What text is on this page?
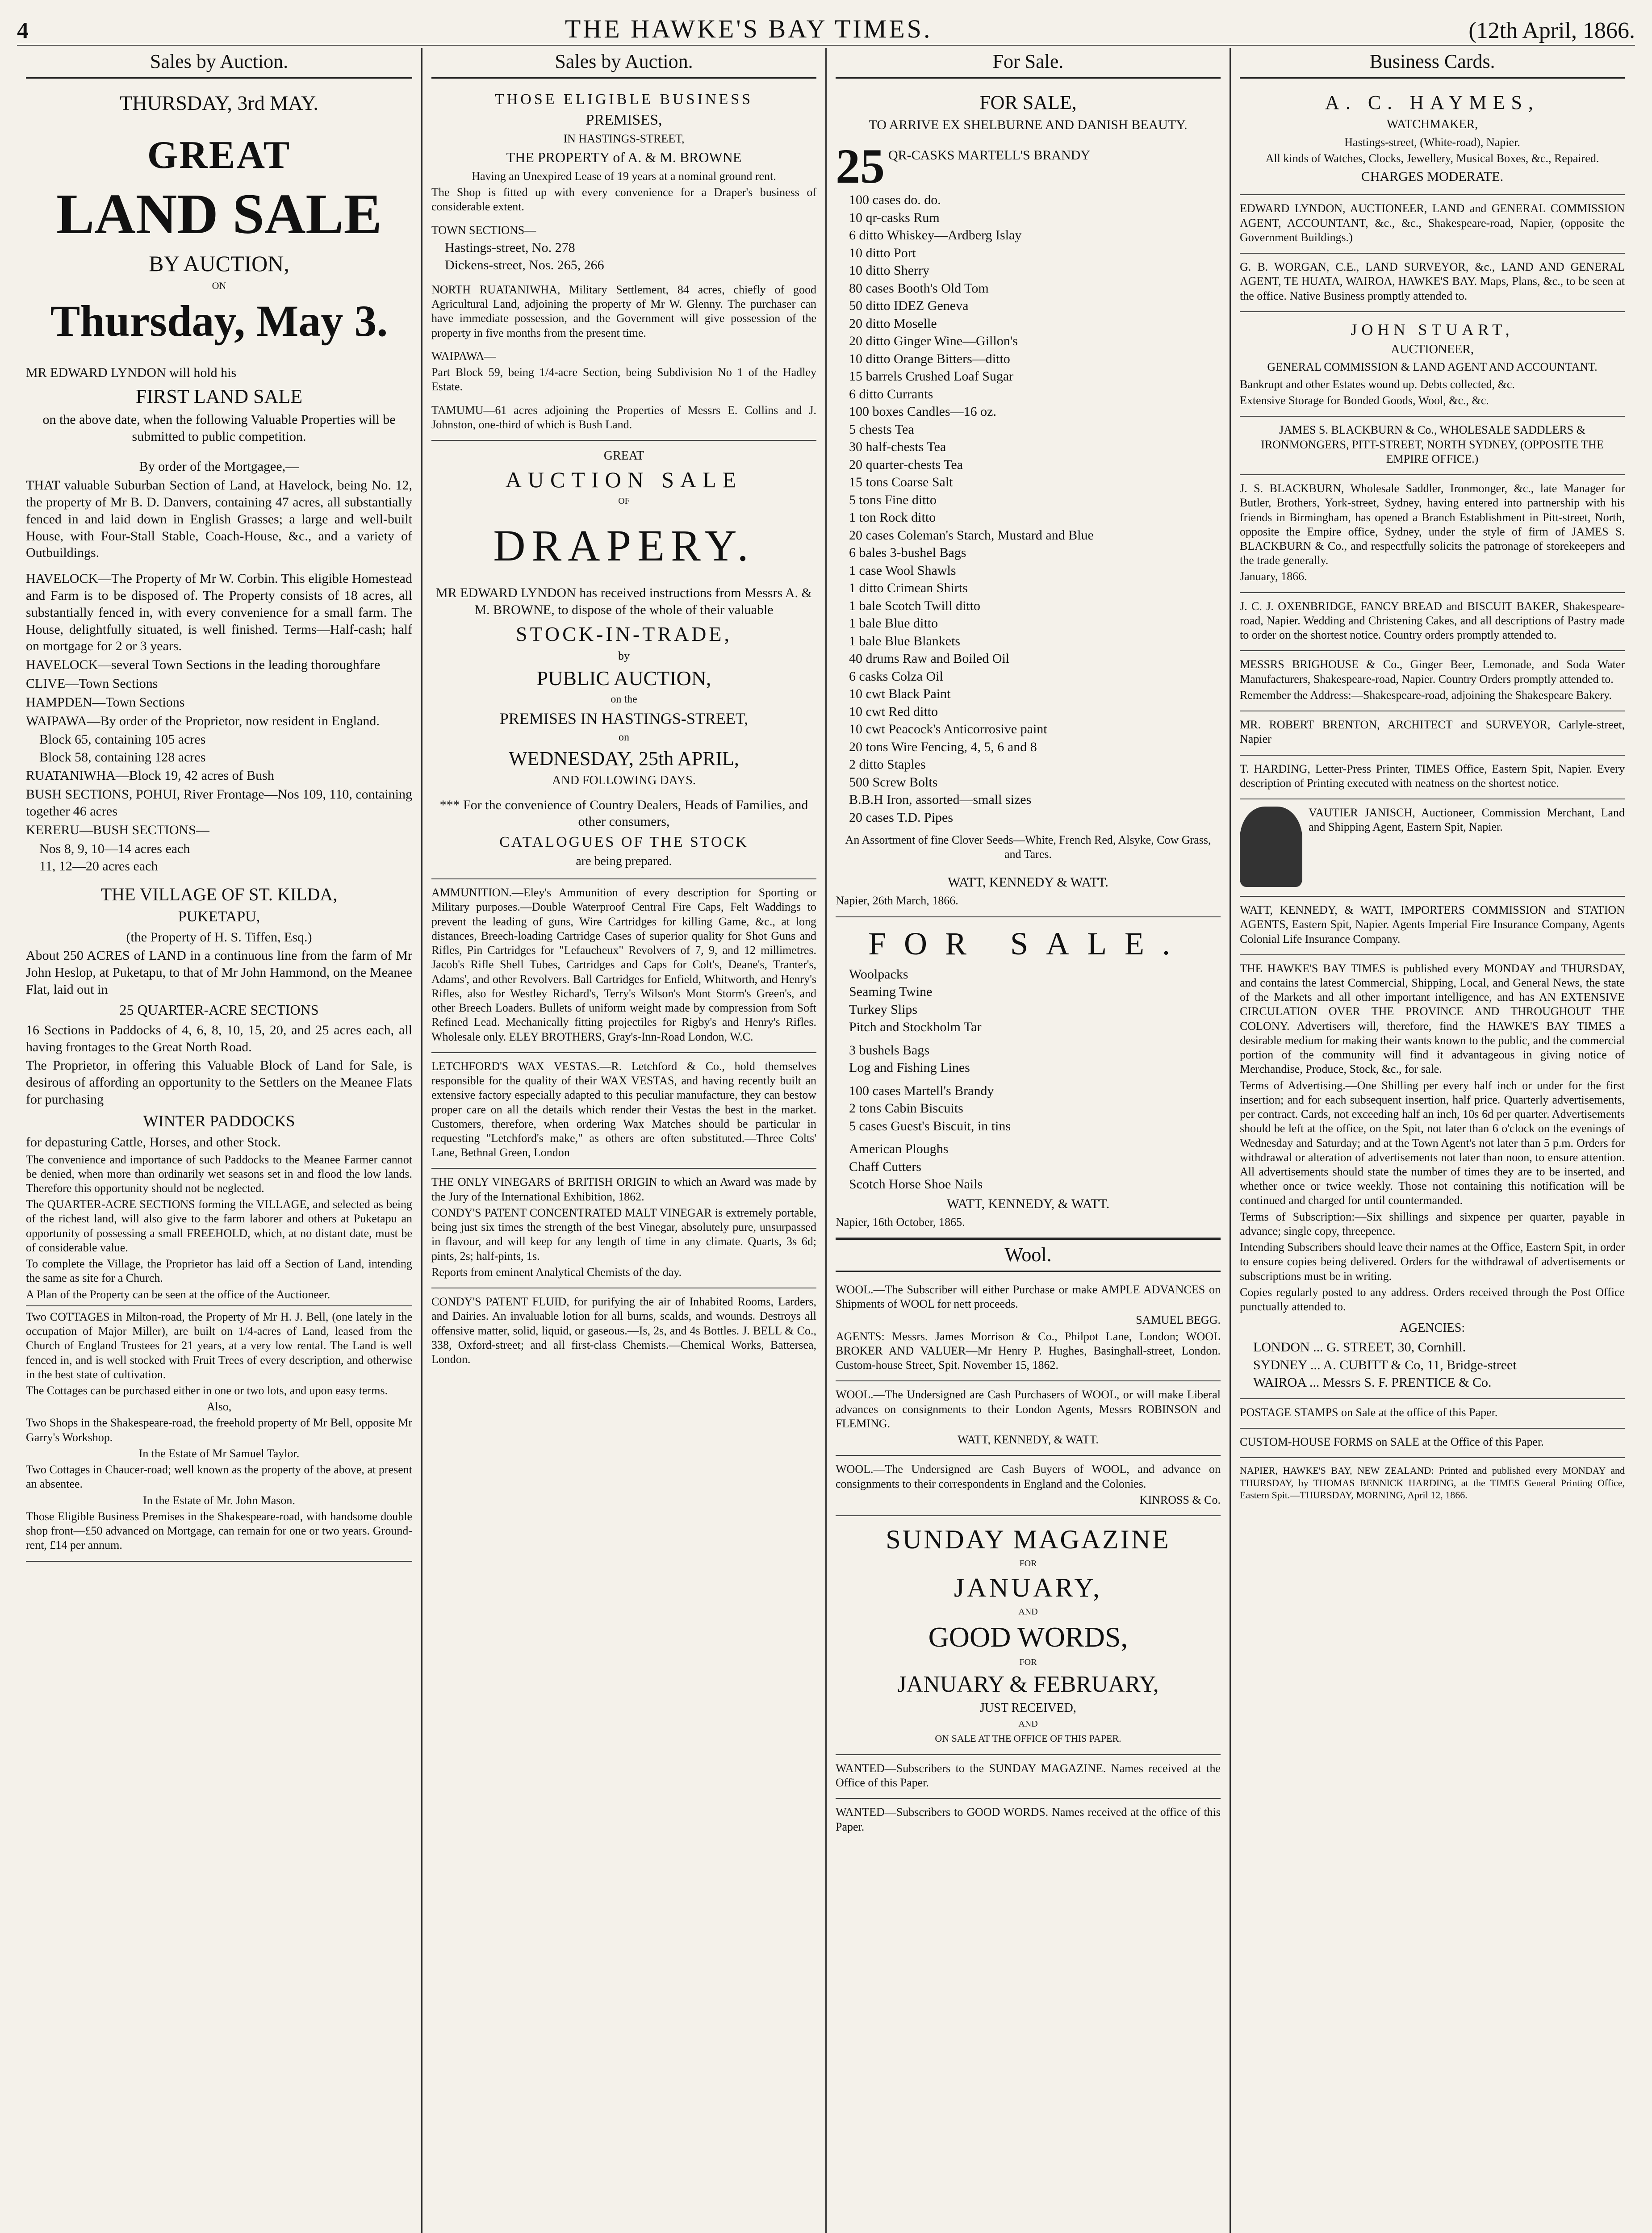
4	THE HAWKE'S BAY TIMES.	(12th April, 1866.
Sales by Auction.
THURSDAY, 3rd MAY.
GREAT
LAND SALE
BY AUCTION,
ON
Thursday, May 3.

MR EDWARD LYNDON will hold his

FIRST LAND SALE

on the above date, when the following Valuable Properties will be submitted to public competition.

By order of the Mortgagee,—

THAT valuable Suburban Section of Land, at Havelock, being No. 12, the property of Mr B. D. Danvers, containing 47 acres, all substantially fenced in and laid down in English Grasses; a large and well-built House, with Four-Stall Stable, Coach-House, &c., and a variety of Outbuildings.

HAVELOCK—The Property of Mr W. Corbin. This eligible Homestead and Farm is to be disposed of. The Property consists of 18 acres, all substantially fenced in, with every convenience for a small farm. The House, delightfully situated, is well finished. Terms—Half-cash; half on mortgage for 2 or 3 years.

HAVELOCK—several Town Sections in the leading thoroughfare

CLIVE—Town Sections

HAMPDEN—Town Sections

WAIPAWA—By order of the Proprietor, now resident in England.

Block 65, containing 105 acres
Block 58, containing 128 acres

RUATANIWHA—Block 19, 42 acres of Bush

BUSH SECTIONS, POHUI, River Frontage—Nos 109, 110, containing together 46 acres

KERERU—BUSH SECTIONS—

Nos 8, 9, 10—14 acres each
11, 12—20 acres each
THE VILLAGE OF ST. KILDA,
PUKETAPU,

(the Property of H. S. Tiffen, Esq.)

About 250 ACRES of LAND in a continuous line from the farm of Mr John Heslop, at Puketapu, to that of Mr John Hammond, on the Meanee Flat, laid out in

25 QUARTER-ACRE SECTIONS

16 Sections in Paddocks of 4, 6, 8, 10, 15, 20, and 25 acres each, all having frontages to the Great North Road.

The Proprietor, in offering this Valuable Block of Land for Sale, is desirous of affording an opportunity to the Settlers on the Meanee Flats for purchasing

WINTER PADDOCKS

for depasturing Cattle, Horses, and other Stock.

The convenience and importance of such Paddocks to the Meanee Farmer cannot be denied, when more than ordinarily wet seasons set in and flood the low lands. Therefore this opportunity should not be neglected.

The QUARTER-ACRE SECTIONS forming the VILLAGE, and selected as being of the richest land, will also give to the farm laborer and others at Puketapu an opportunity of possessing a small FREEHOLD, which, at no distant date, must be of considerable value.

To complete the Village, the Proprietor has laid off a Section of Land, intending the same as site for a Church.

A Plan of the Property can be seen at the office of the Auctioneer.

Two COTTAGES in Milton-road, the Property of Mr H. J. Bell, (one lately in the occupation of Major Miller), are built on 1/4-acres of Land, leased from the Church of England Trustees for 21 years, at a very low rental. The Land is well fenced in, and is well stocked with Fruit Trees of every description, and otherwise in the best state of cultivation.

The Cottages can be purchased either in one or two lots, and upon easy terms.

Also,

Two Shops in the Shakespeare-road, the freehold property of Mr Bell, opposite Mr Garry's Workshop.

In the Estate of Mr Samuel Taylor.

Two Cottages in Chaucer-road; well known as the property of the above, at present an absentee.

In the Estate of Mr. John Mason.

Those Eligible Business Premises in the Shakespeare-road, with handsome double shop front—£50 advanced on Mortgage, can remain for one or two years. Ground-rent, £14 per annum.

Sales by Auction.
THOSE ELIGIBLE BUSINESS
PREMISES,
IN HASTINGS-STREET,
THE PROPERTY of A. & M. BROWNE

Having an Unexpired Lease of 19 years at a nominal ground rent.

The Shop is fitted up with every convenience for a Draper's business of considerable extent.

TOWN SECTIONS—

Hastings-street, No. 278
Dickens-street, Nos. 265, 266

NORTH RUATANIWHA, Military Settlement, 84 acres, chiefly of good Agricultural Land, adjoining the property of Mr W. Glenny. The purchaser can have immediate possession, and the Government will give possession of the property in five months from the present time.

WAIPAWA—

Part Block 59, being 1/4-acre Section, being Subdivision No 1 of the Hadley Estate.

TAMUMU—61 acres adjoining the Properties of Messrs E. Collins and J. Johnston, one-third of which is Bush Land.

GREAT
AUCTION SALE
OF
DRAPERY.

MR EDWARD LYNDON has received instructions from Messrs A. & M. BROWNE, to dispose of the whole of their valuable

STOCK-IN-TRADE,
by
PUBLIC AUCTION,
on the
PREMISES IN HASTINGS-STREET,
on
WEDNESDAY, 25th APRIL,
AND FOLLOWING DAYS.

*** For the convenience of Country Dealers, Heads of Families, and other consumers,

CATALOGUES OF THE STOCK
are being prepared.

AMMUNITION.—Eley's Ammunition of every description for Sporting or Military purposes.—Double Waterproof Central Fire Caps, Felt Waddings to prevent the leading of guns, Wire Cartridges for killing Game, &c., at long distances, Breech-loading Cartridge Cases of superior quality for Shot Guns and Rifles, Pin Cartridges for "Lefaucheux" Revolvers of 7, 9, and 12 millimetres. Jacob's Rifle Shell Tubes, Cartridges and Caps for Colt's, Deane's, Tranter's, Adams', and other Revolvers. Ball Cartridges for Enfield, Whitworth, and Henry's Rifles, also for Westley Richard's, Terry's Wilson's Mont Storm's Green's, and other Breech Loaders. Bullets of uniform weight made by compression from Soft Refined Lead. Mechanically fitting projectiles for Rigby's and Henry's Rifles. Wholesale only. ELEY BROTHERS, Gray's-Inn-Road London, W.C.

LETCHFORD'S WAX VESTAS.—R. Letchford & Co., hold themselves responsible for the quality of their WAX VESTAS, and having recently built an extensive factory especially adapted to this peculiar manufacture, they can bestow proper care on all the details which render their Vestas the best in the market. Customers, therefore, when ordering Wax Matches should be particular in requesting "Letchford's make," as others are often substituted.—Three Colts' Lane, Bethnal Green, London

THE ONLY VINEGARS of BRITISH ORIGIN to which an Award was made by the Jury of the International Exhibition, 1862.

CONDY'S PATENT CONCENTRATED MALT VINEGAR is extremely portable, being just six times the strength of the best Vinegar, absolutely pure, unsurpassed in flavour, and will keep for any length of time in any climate. Quarts, 3s 6d; pints, 2s; half-pints, 1s.

Reports from eminent Analytical Chemists of the day.

CONDY'S PATENT FLUID, for purifying the air of Inhabited Rooms, Larders, and Dairies. An invaluable lotion for all burns, scalds, and wounds. Destroys all offensive matter, solid, liquid, or gaseous.—Is, 2s, and 4s Bottles. J. BELL & Co., 338, Oxford-street; and all first-class Chemists.—Chemical Works, Battersea, London.

For Sale.
FOR SALE,
TO ARRIVE EX SHELBURNE AND DANISH BEAUTY.
25 QR-CASKS MARTELL'S BRANDY
100 cases do. do.
10 qr-casks Rum
6 ditto Whiskey—Ardberg Islay
10 ditto Port
10 ditto Sherry
80 cases Booth's Old Tom
50 ditto IDEZ Geneva
20 ditto Moselle
20 ditto Ginger Wine—Gillon's
10 ditto Orange Bitters—ditto
15 barrels Crushed Loaf Sugar
6 ditto Currants
100 boxes Candles—16 oz.
5 chests Tea
30 half-chests Tea
20 quarter-chests Tea
15 tons Coarse Salt
5 tons Fine ditto
1 ton Rock ditto
20 cases Coleman's Starch, Mustard and Blue
6 bales 3-bushel Bags
1 case Wool Shawls
1 ditto Crimean Shirts
1 bale Scotch Twill ditto
1 bale Blue ditto
1 bale Blue Blankets
40 drums Raw and Boiled Oil
6 casks Colza Oil
10 cwt Black Paint
10 cwt Red ditto
10 cwt Peacock's Anticorrosive paint
20 tons Wire Fencing, 4, 5, 6 and 8
2 ditto Staples
500 Screw Bolts
B.B.H Iron, assorted—small sizes
20 cases T.D. Pipes

An Assortment of fine Clover Seeds—White, French Red, Alsyke, Cow Grass, and Tares.

WATT, KENNEDY & WATT.

Napier, 26th March, 1866.

FOR SALE.
Woolpacks
Seaming Twine
Turkey Slips
Pitch and Stockholm Tar
3 bushels Bags
Log and Fishing Lines
100 cases Martell's Brandy
2 tons Cabin Biscuits
5 cases Guest's Biscuit, in tins
American Ploughs
Chaff Cutters
Scotch Horse Shoe Nails
WATT, KENNEDY, & WATT.

Napier, 16th October, 1865.

Wool.

WOOL.—The Subscriber will either Purchase or make AMPLE ADVANCES on Shipments of WOOL for nett proceeds.

SAMUEL BEGG.

AGENTS: Messrs. James Morrison & Co., Philpot Lane, London; WOOL BROKER AND VALUER—Mr Henry P. Hughes, Basinghall-street, London. Custom-house Street, Spit. November 15, 1862.

WOOL.—The Undersigned are Cash Purchasers of WOOL, or will make Liberal advances on consignments to their London Agents, Messrs ROBINSON and FLEMING.

WATT, KENNEDY, & WATT.

WOOL.—The Undersigned are Cash Buyers of WOOL, and advance on consignments to their correspondents in England and the Colonies.

KINROSS & Co.

SUNDAY MAGAZINE
FOR
JANUARY,
AND
GOOD WORDS,
FOR
JANUARY & FEBRUARY,
JUST RECEIVED,
AND
ON SALE AT THE OFFICE OF THIS PAPER.

WANTED—Subscribers to the SUNDAY MAGAZINE. Names received at the Office of this Paper.

WANTED—Subscribers to GOOD WORDS. Names received at the office of this Paper.

Business Cards.
A. C. HAYMES,
WATCHMAKER,

Hastings-street, (White-road), Napier.

All kinds of Watches, Clocks, Jewellery, Musical Boxes, &c., Repaired.

CHARGES MODERATE.

EDWARD LYNDON, AUCTIONEER, LAND and GENERAL COMMISSION AGENT, ACCOUNTANT, &c., &c., Shakespeare-road, Napier, (opposite the Government Buildings.)

G. B. WORGAN, C.E., LAND SURVEYOR, &c., LAND AND GENERAL AGENT, TE HUATA, WAIROA, HAWKE'S BAY. Maps, Plans, &c., to be seen at the office. Native Business promptly attended to.

JOHN STUART,
AUCTIONEER,
GENERAL COMMISSION & LAND AGENT AND ACCOUNTANT.

Bankrupt and other Estates wound up. Debts collected, &c.

Extensive Storage for Bonded Goods, Wool, &c., &c.

JAMES S. BLACKBURN & Co., WHOLESALE SADDLERS & IRONMONGERS, PITT-STREET, NORTH SYDNEY, (OPPOSITE THE EMPIRE OFFICE.)

J. S. BLACKBURN, Wholesale Saddler, Ironmonger, &c., late Manager for Butler, Brothers, York-street, Sydney, having entered into partnership with his friends in Birmingham, has opened a Branch Establishment in Pitt-street, North, opposite the Empire office, Sydney, under the style of firm of JAMES S. BLACKBURN & Co., and respectfully solicits the patronage of storekeepers and the trade generally.

January, 1866.

J. C. J. OXENBRIDGE, FANCY BREAD and BISCUIT BAKER, Shakespeare-road, Napier. Wedding and Christening Cakes, and all descriptions of Pastry made to order on the shortest notice. Country orders promptly attended to.

MESSRS BRIGHOUSE & Co., Ginger Beer, Lemonade, and Soda Water Manufacturers, Shakespeare-road, Napier. Country Orders promptly attended to.

Remember the Address:—Shakespeare-road, adjoining the Shakespeare Bakery.

MR. ROBERT BRENTON, ARCHITECT and SURVEYOR, Carlyle-street, Napier

T. HARDING, Letter-Press Printer, TIMES Office, Eastern Spit, Napier. Every description of Printing executed with neatness on the shortest notice.

VAUTIER JANISCH, Auctioneer, Commission Merchant, Land and Shipping Agent, Eastern Spit, Napier.

WATT, KENNEDY, & WATT, IMPORTERS COMMISSION and STATION AGENTS, Eastern Spit, Napier. Agents Imperial Fire Insurance Company, Agents Colonial Life Insurance Company.

THE HAWKE'S BAY TIMES is published every MONDAY and THURSDAY, and contains the latest Commercial, Shipping, Local, and General News, the state of the Markets and all other important intelligence, and has AN EXTENSIVE CIRCULATION OVER THE PROVINCE AND THROUGHOUT THE COLONY. Advertisers will, therefore, find the HAWKE'S BAY TIMES a desirable medium for making their wants known to the public, and the commercial portion of the community will find it advantageous in giving notice of Merchandise, Produce, Stock, &c., for sale.

Terms of Advertising.—One Shilling per every half inch or under for the first insertion; and for each subsequent insertion, half price. Quarterly advertisements, per contract. Cards, not exceeding half an inch, 10s 6d per quarter. Advertisements should be left at the office, on the Spit, not later than 6 o'clock on the evenings of Wednesday and Saturday; and at the Town Agent's not later than 5 p.m. Orders for withdrawal or alteration of advertisements not later than noon, to ensure attention. All advertisements should state the number of times they are to be inserted, and whether once or twice weekly. Those not containing this notification will be continued and charged for until countermanded.

Terms of Subscription:—Six shillings and sixpence per quarter, payable in advance; single copy, threepence.

Intending Subscribers should leave their names at the Office, Eastern Spit, in order to ensure copies being delivered. Orders for the withdrawal of advertisements or subscriptions must be in writing.

Copies regularly posted to any address. Orders received through the Post Office punctually attended to.

AGENCIES:
LONDON ... G. STREET, 30, Cornhill.
SYDNEY ... A. CUBITT & Co, 11, Bridge-street
WAIROA ... Messrs S. F. PRENTICE & Co.

POSTAGE STAMPS on Sale at the office of this Paper.

CUSTOM-HOUSE FORMS on SALE at the Office of this Paper.

NAPIER, HAWKE'S BAY, NEW ZEALAND: Printed and published every MONDAY and THURSDAY, by THOMAS BENNICK HARDING, at the TIMES General Printing Office, Eastern Spit.—THURSDAY, MORNING, April 12, 1866.
